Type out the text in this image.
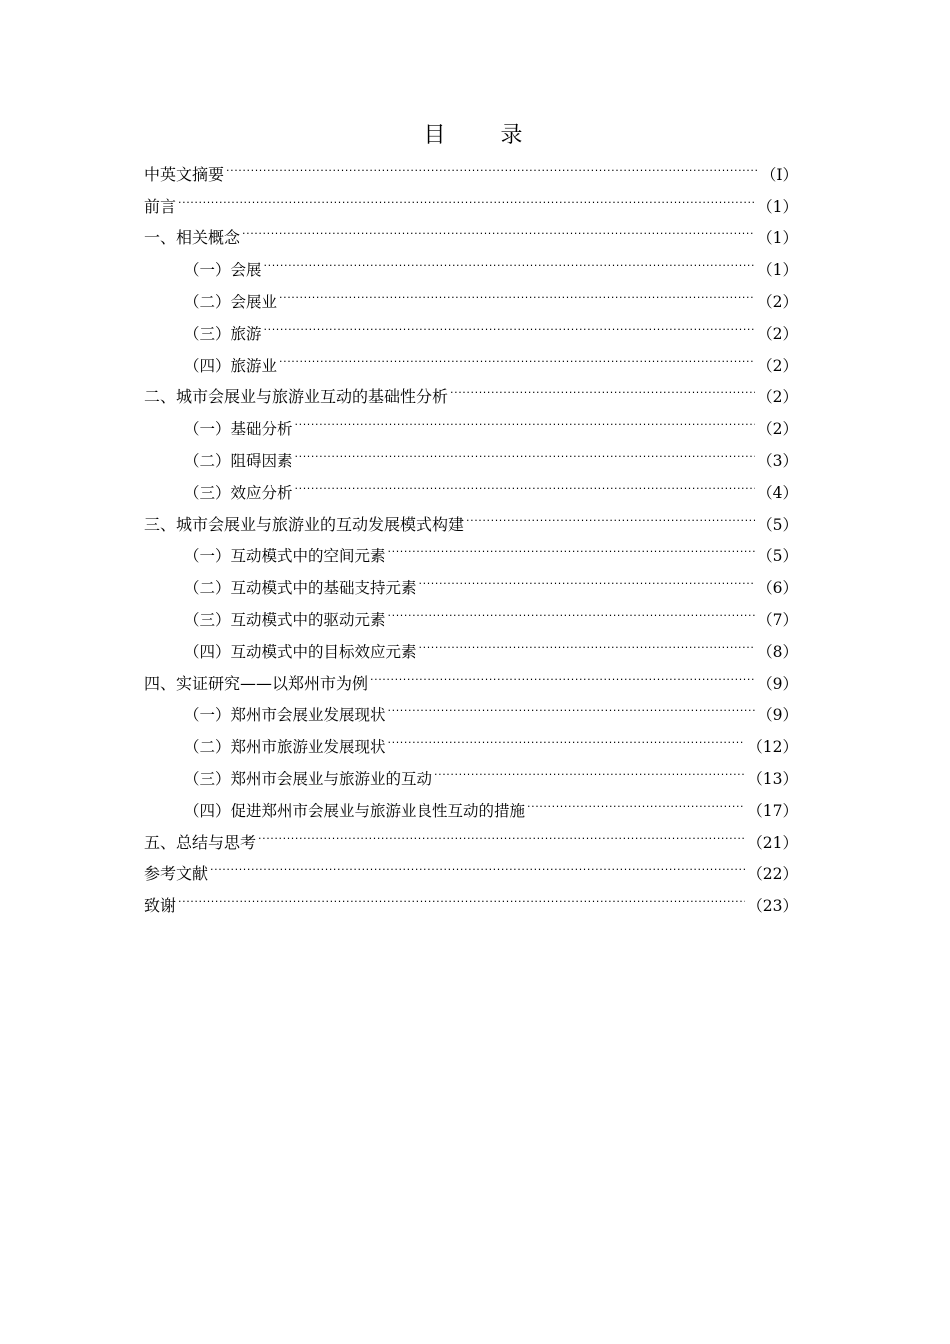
目 录
中英文摘要 .....	（Ⅰ）
前言 .....	（1）
一、相关概念 .....	（1）
（一）会展 .....	（1）
（二）会展业 .....	（2）
（三）旅游 .....	（2）
（四）旅游业 .....	（2）
二、城市会展业与旅游业互动的基础性分析 .....	（2）
（一）基础分析 .....	（2）
（二）阻碍因素 .....	（3）
（三）效应分析 .....	（4）
三、城市会展业与旅游业的互动发展模式构建 .....	（5）
（一）互动模式中的空间元素 .....	（5）
（二）互动模式中的基础支持元素 .....	（6）
（三）互动模式中的驱动元素 .....	（7）
（四）互动模式中的目标效应元素 .....	（8）
四、实证研究——以郑州市为例 .....	（9）
（一）郑州市会展业发展现状 .....	（9）
（二）郑州市旅游业发展现状 .....	（12）
（三）郑州市会展业与旅游业的互动 .....	（13）
（四）促进郑州市会展业与旅游业良性互动的措施 .....	（17）
五、总结与思考 .....	（21）
参考文献 .....	（22）
致谢 .....	（23）
